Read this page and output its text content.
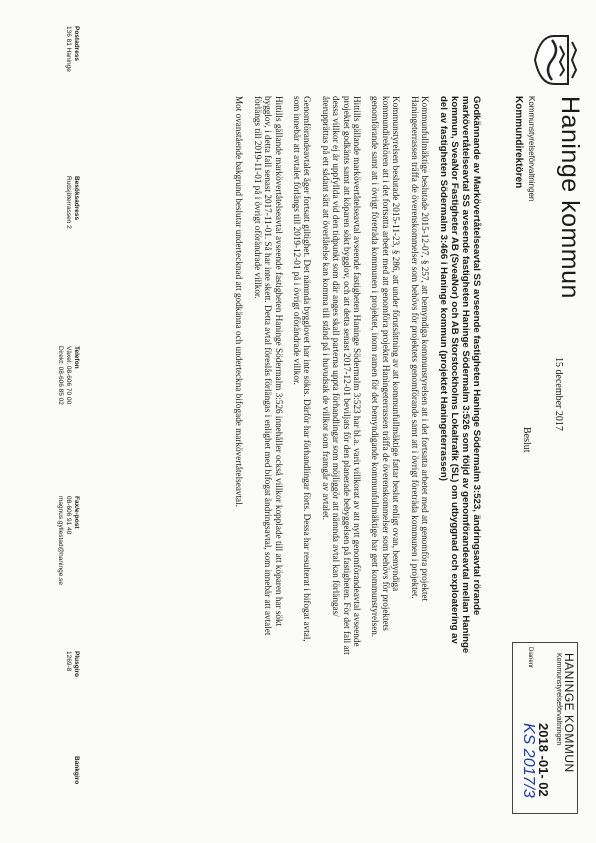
Haninge kommun
Kommunstyrelseförvaltningen
Kommundirektören
15 december 2017
Beslut
HANINGE KOMMUN
Kommunstyrelseförvaltningen
2018 -01- 02
Diarienr
KS 2017/3

Godkännande av Markövertåtelseavtal SS avseende fastigheten Haninge Södermalm 3:523, ändringsavtal rörande markövertåtelseavtal SS avseende fastigheten Haninge Södermalm 3:526 som följd av genomförandeavtal mellan Haninge kommun, SveaNor Fastigheter AB (SveaNor) och AB Storstockholms Lokaltrafik (SL) om utbyggnad och exploatering av del av fastigheten Södermalm 3:466 i Haninge kommun (projektet Haningeterrassen)

Kommunfullmäktige beslutade 2015-12-07, § 257, att bemyndiga kommunstyrelsen att i det fortsatta arbetet med att genomföra projektet Haningeterrassen träffa de överenskommelser som behövs för projektets genomförande samt att i övrigt företräda kommunen i projektet.

Kommunstyrelsen beslutade 2015-11-23, § 286, att under förutsättning av att kommunfullmäktige fattar beslut enligt ovan, bemyndiga kommundirektören att i det fortsatta arbetet med att genomföra projektet Haningeterrassen träffa de överenskommelser som behövs för projektets genomförande samt att i övrigt företräda kommunen i projektet, inom ramen för det bemyndigande kommunfullmäktige har gett kommunstyrelsen.

Hittills gällande markövertåtelseavtal avseende fastigheten Haninge Södermalm 3:523 har bl.a. varit villkorat av att nytt genomförandeavtal avseende projektet godkänts samt att köparen sökt bygglov, och att detta senast 2017-12-01 beviljats för den planerade bebyggelsen på fastigheten. För det fall att dessa villkor ej är uppfyllda vid den tidpunkt som där anges skall parterna uppta förhandlingar som möjliggör att nämnda avtal kan förlängas/återupprättas på ett sådant sätt att överlåtelse kan komma till stånd på i huvudsak de villkor som framgår av avtalet.

Genomförandeavtalet äger fortsatt giltighet. Det nämnda bygglovet har inte sökts. Därför har förhandlingar förts. Dessa har resulterat i bifogat avtal, som innebär att avtalet förlängs till 2019-12-01 på i övrigt oförändrade villkor.

Hittills gällande markövertåtelseavtal avseende fastigheten Haninge Södermalm 3:526 innehåller också villkor kopplade till att köparen har sökt bygglov, i detta fall senast 2017-11-01. Så har inte skett. Detta avtal föreslås förlängas i enlighet med bifogat ändringsavtal, som innebär att avtalet förlängs till 2019-11-01 på i övrigt oförändrade villkor.

Mot ovanstående bakgrund beslutar undertecknad att godkänna och underteckna bifogade markövertåtelseavtal.

Postadress
136 81 Haninge
Besöksadress
Rudsjöterrassen 2
Telefon
Växel: 08-606 70 00
Direkt: 08-606 85 02
Fax/e-post
08-606 91 40
magnus.gyllestad@haninge.se
Plusgiro
1269-8
Bankgiro
